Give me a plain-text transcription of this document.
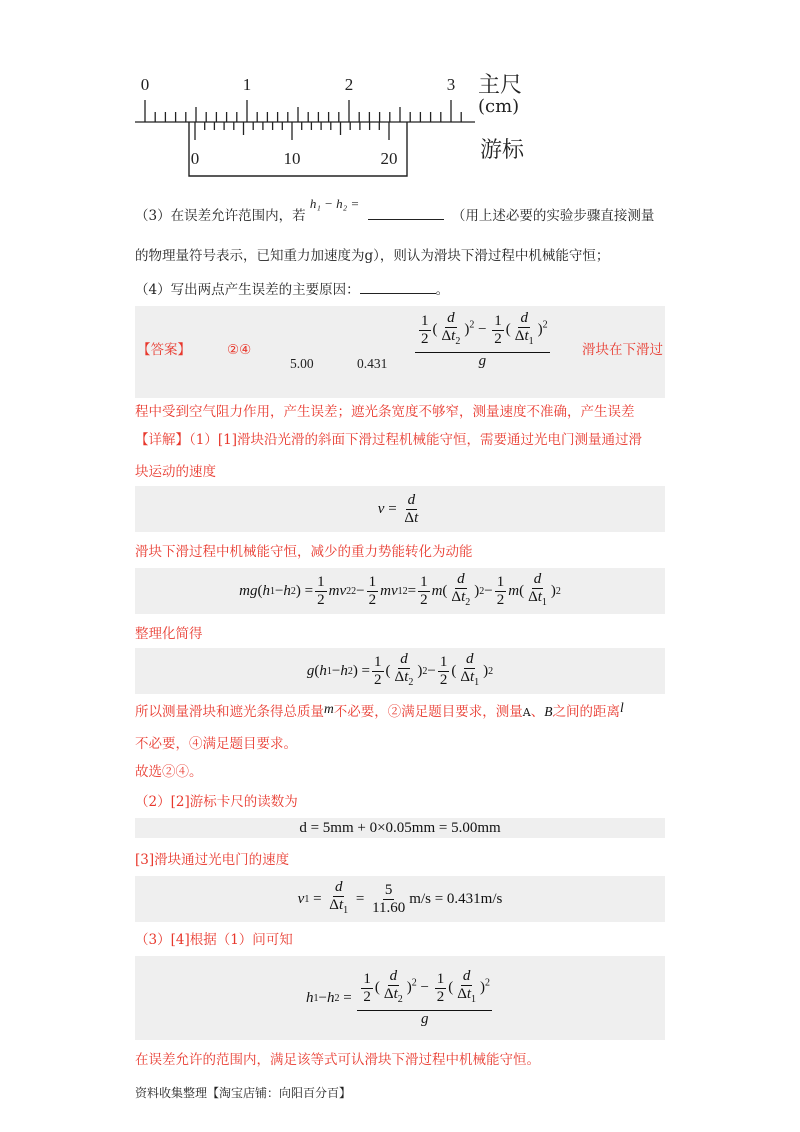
0	1	2	3
0	10	20
主尺
(cm)
游标
（3）在误差允许范围内，若 h₁ − h₂ =  （用上述必要的实验步骤直接测量
的物理量符号表示，已知重力加速度为g），则认为滑块下滑过程中机械能守恒；
（4）写出两点产生误差的主要原因：	。
【答案】	②④
5.00	$0.431 \frac{\frac{1}{2} ( \frac{d}{\Delta t_2} )^2 - \frac{1}{2} ( \frac{d}{\Delta t_1} )^2}{g}$ 滑块在下滑过
程中受到空气阻力作用，产生误差；遮光条宽度不够窄，测量速度不准确，产生误差
【详解】（1）[1]滑块沿光滑的斜面下滑过程机械能守恒，需要通过光电门测量通过滑
块运动的速度
$v = \frac{d}{\Delta t}$
滑块下滑过程中机械能守恒，减少的重力势能转化为动能
mg ( h 1 − h 2 ) = $\frac{1}{2}$ mv 2 $2 - \frac{1}{2}$ mv 1 $2 = \frac{1}{2}$ m ( $\frac{d}{\Delta t_2}$ ) $2 - \frac{1}{2}$ m ( $\frac{d}{\Delta t_1}$ ) 2
整理化简得
g ( h 1 − h 2 ) = $\frac{1}{2}$ ( $\frac{d}{\Delta t_2}$ ) $2 - \frac{1}{2}$ ( $\frac{d}{\Delta t_1}$ ) 2
所以测量滑块和遮光条得总质量m不必要，②满足题目要求，测量A、B之间的距离l
不必要，④满足题目要求。
故选②④。
（2）[2]游标卡尺的读数为
d = 5mm + 0×0.05mm = 5.00mm
[3]滑块通过光电门的速度
v $1 = \frac{d}{\Delta t_1} = \frac{5}{11.60} m/s = 0.431m/s$
（3）[4]根据（1）问可知
h 1 − h $2 = \frac{\frac{1}{2} ( \frac{d}{\Delta t_2} )^2 - \frac{1}{2} ( \frac{d}{\Delta t_1} )^2}{g}$
在误差允许的范围内，满足该等式可认滑块下滑过程中机械能守恒。
资料收集整理【淘宝店铺：向阳百分百】
